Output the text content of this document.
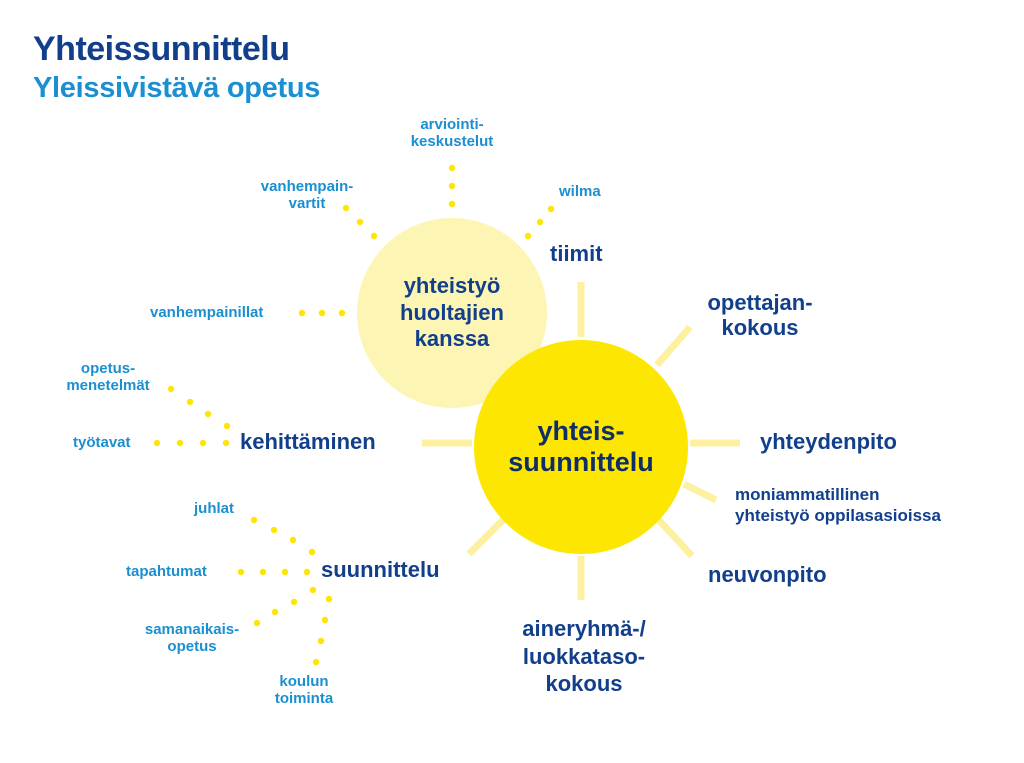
Yhteissunnittelu
Yleissivistävä opetus
yhteistyö
huoltajien
kanssa
yhteis-
suunnittelu
tiimit
opettajan-
kokous
yhteydenpito
moniammatillinen
yhteistyö oppilasasioissa
neuvonpito
aineryhmä-/
luokkataso-
kokous
suunnittelu
kehittäminen
arviointi-
keskustelut
wilma
vanhempain-
vartit
vanhempainillat
opetus-
menetelmät
työtavat
juhlat
tapahtumat
samanaikais-
opetus
koulun
toiminta
